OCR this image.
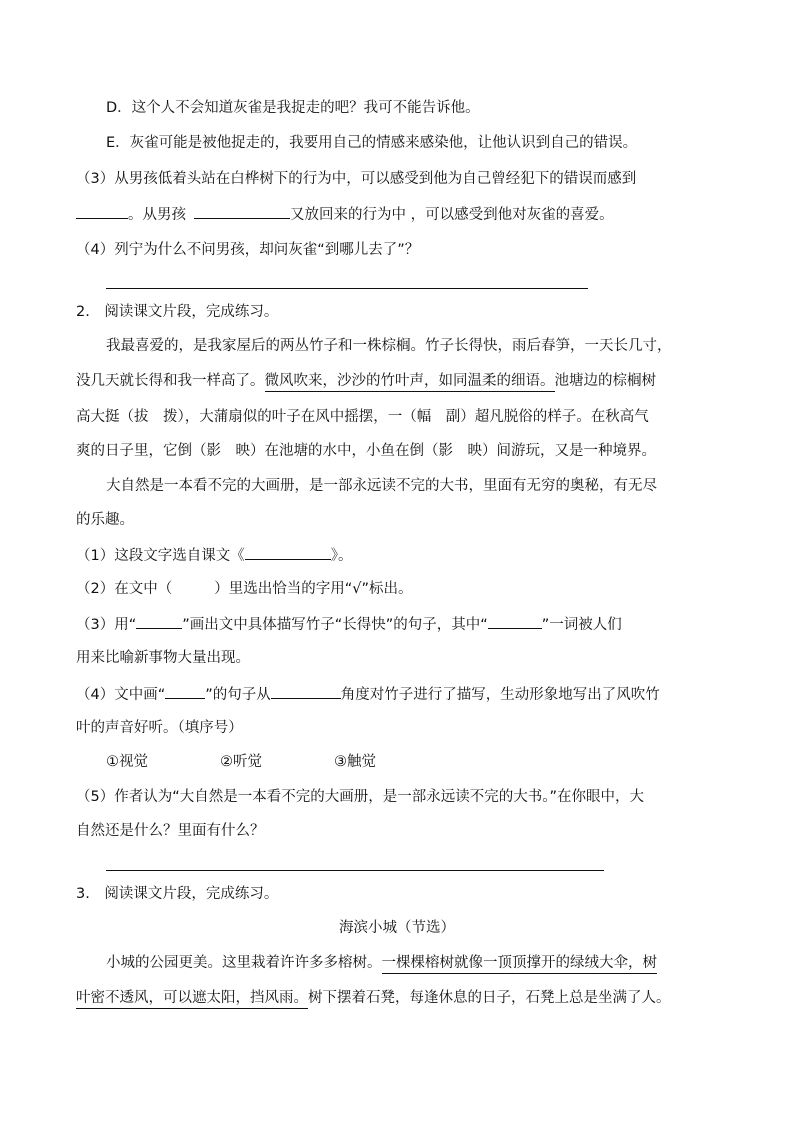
D．这个人不会知道灰雀是我捉走的吧？我可不能告诉他。
E．灰雀可能是被他捉走的，我要用自己的情感来感染他，让他认识到自己的错误。
（3）从男孩低着头站在白桦树下的行为中，可以感受到他为自己曾经犯下的错误而感到
。从男孩	又放回来的行为中 ，可以感受到他对灰雀的喜爱。
（4）列宁为什么不问男孩，却问灰雀“到哪儿去了”？
2.　阅读课文片段，完成练习。
我最喜爱的，是我家屋后的两丛竹子和一株棕榈。竹子长得快，雨后春笋，一天长几寸，
没几天就长得和我一样高了。微风吹来，沙沙的竹叶声，如同温柔的细语。池塘边的棕榈树
高大挺（拔　拨），大蒲扇似的叶子在风中摇摆，一（幅　副）超凡脱俗的样子。在秋高气
爽的日子里，它倒（影　映）在池塘的水中，小鱼在倒（影　映）间游玩，又是一种境界。
大自然是一本看不完的大画册，是一部永远读不完的大书，里面有无穷的奥秘，有无尽
的乐趣。
（1）这段文字选自课文《	》。
（2）在文中（	）里选出恰当的字用“√”标出。
（3）用“	”画出文中具体描写竹子“长得快”的句子，其中“	”一词被人们
用来比喻新事物大量出现。
（4）文中画“	”的句子从	角度对竹子进行了描写，生动形象地写出了风吹竹
叶的声音好听。（填序号）
①视觉	②听觉	③触觉
（5）作者认为“大自然是一本看不完的大画册，是一部永远读不完的大书。”在你眼中，大
自然还是什么？里面有什么？
3.　阅读课文片段，完成练习。
海滨小城（节选）
小城的公园更美。这里栽着许许多多榕树。一棵棵榕树就像一顶顶撑开的绿绒大伞，树
叶密不透风，可以遮太阳，挡风雨。树下摆着石凳，每逢休息的日子，石凳上总是坐满了人。
